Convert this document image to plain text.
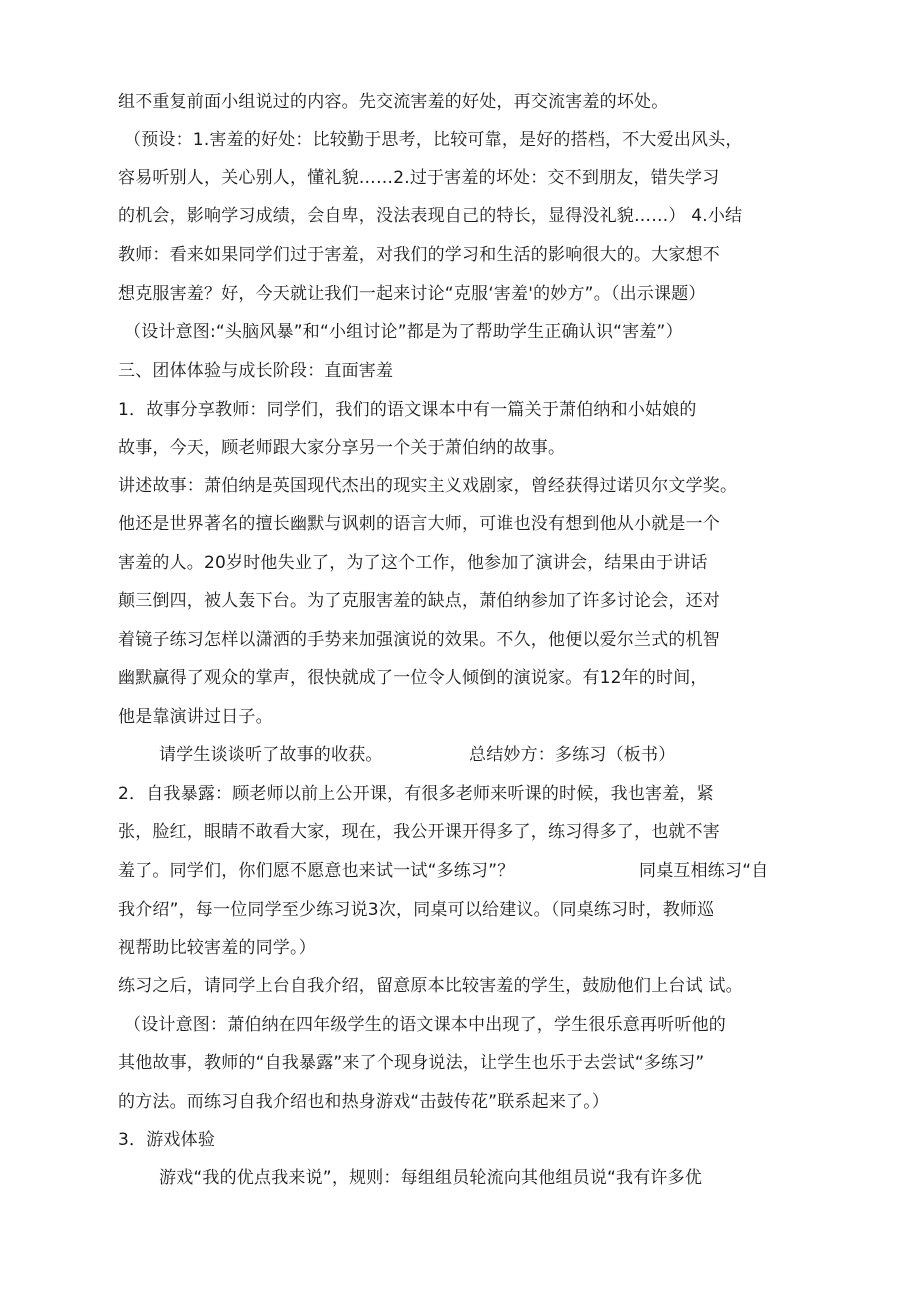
组不重复前面小组说过的内容。先交流害羞的好处，再交流害羞的坏处。
（预设：1.害羞的好处：比较勤于思考，比较可靠，是好的搭档，不大爱出风头，
容易听别人，关心别人，懂礼貌……2.过于害羞的坏处：交不到朋友，错失学习
的机会，影响学习成绩，会自卑，没法表现自己的特长，显得没礼貌……） 4.小结
教师：看来如果同学们过于害羞，对我们的学习和生活的影响很大的。大家想不
想克服害羞？好，今天就让我们一起来讨论“克服‘害羞'的妙方”。（出示课题）
（设计意图:“头脑风暴”和“小组讨论”都是为了帮助学生正确认识“害羞”）
三、团体体验与成长阶段：直面害羞
1．故事分享教师：同学们，我们的语文课本中有一篇关于萧伯纳和小姑娘的
故事，今天，顾老师跟大家分享另一个关于萧伯纳的故事。
讲述故事：萧伯纳是英国现代杰出的现实主义戏剧家，曾经获得过诺贝尔文学奖。
他还是世界著名的擅长幽默与讽刺的语言大师，可谁也没有想到他从小就是一个
害羞的人。20岁时他失业了，为了这个工作，他参加了演讲会，结果由于讲话
颠三倒四，被人轰下台。为了克服害羞的缺点，萧伯纳参加了许多讨论会，还对
着镜子练习怎样以潇洒的手势来加强演说的效果。不久，他便以爱尔兰式的机智
幽默赢得了观众的掌声，很快就成了一位令人倾倒的演说家。有12年的时间，
他是靠演讲过日子。
请学生谈谈听了故事的收获。	总结妙方：多练习（板书）
2．自我暴露：顾老师以前上公开课，有很多老师来听课的时候，我也害羞，紧
张，脸红，眼睛不敢看大家，现在，我公开课开得多了，练习得多了，也就不害
羞了。同学们，你们愿不愿意也来试一试“多练习”？	同桌互相练习“自
我介绍”，每一位同学至少练习说3次，同桌可以给建议。（同桌练习时，教师巡
视帮助比较害羞的同学。）
练习之后，请同学上台自我介绍，留意原本比较害羞的学生，鼓励他们上台试 试。
（设计意图：萧伯纳在四年级学生的语文课本中出现了，学生很乐意再听听他的
其他故事，教师的“自我暴露”来了个现身说法，让学生也乐于去尝试“多练习”
的方法。而练习自我介绍也和热身游戏“击鼓传花”联系起来了。）
3．游戏体验
游戏“我的优点我来说”，规则：每组组员轮流向其他组员说“我有许多优
